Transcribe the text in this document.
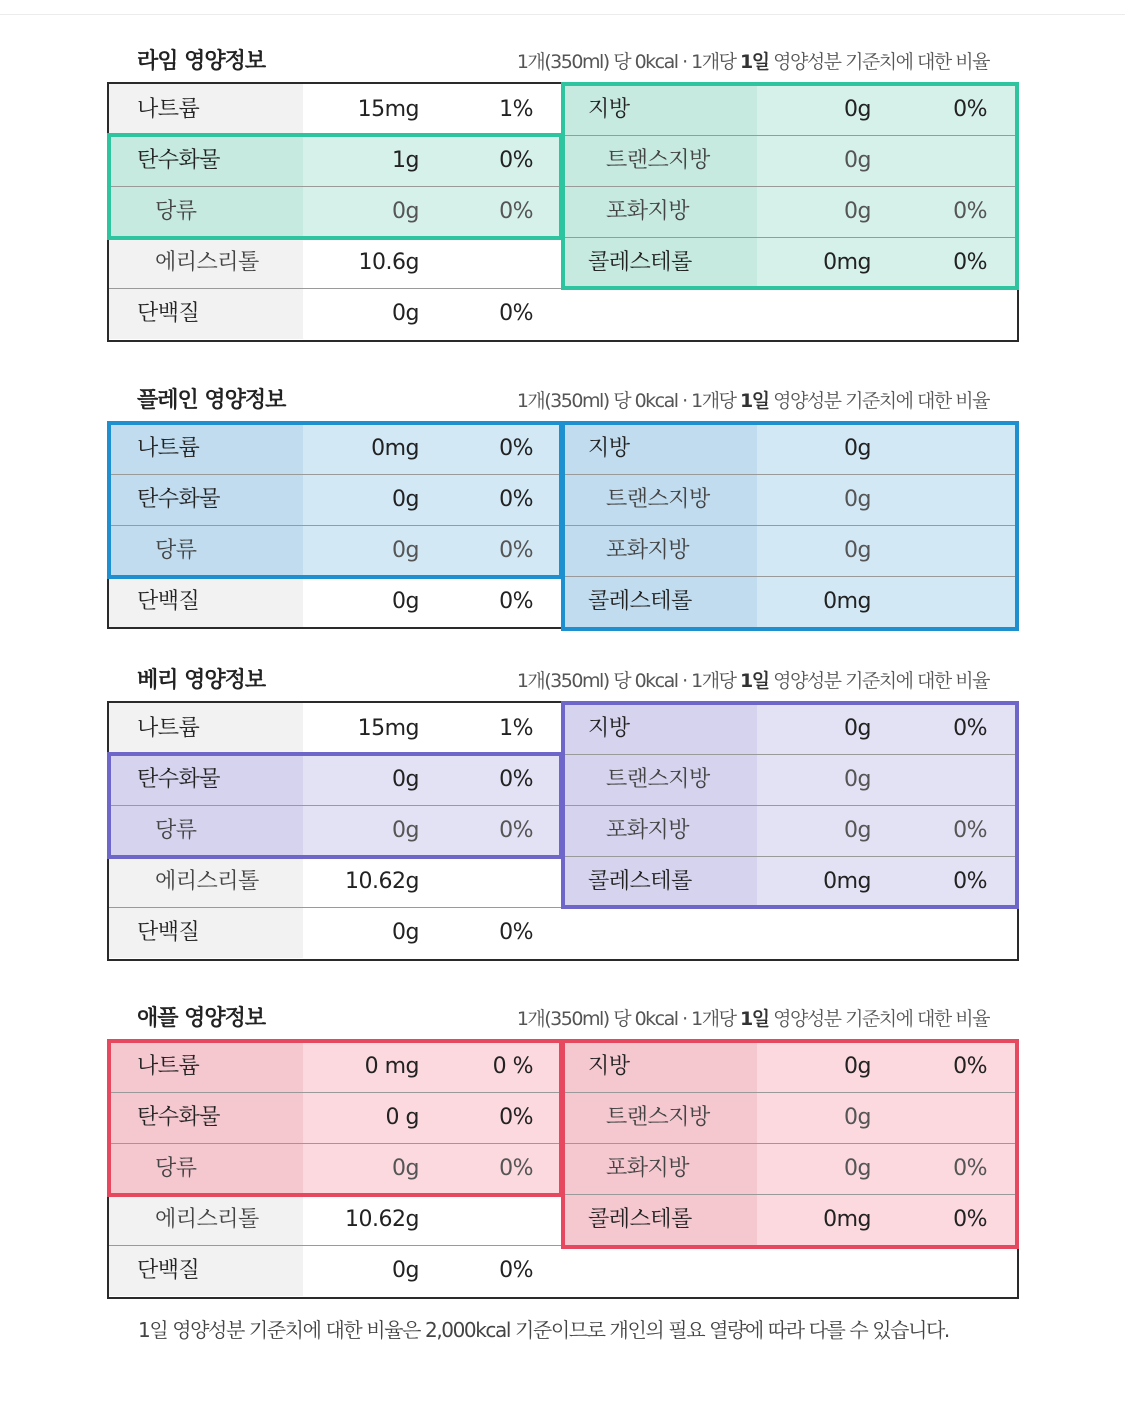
라임 영양정보	1개(350ml) 당 0kcal · 1개당 1일 영양성분 기준치에 대한 비율
나트륨	15mg	1%
탄수화물	1g	0%
당류	0g	0%
에리스리톨	10.6g
단백질	0g	0%
지방	0g	0%
트랜스지방	0g
포화지방	0g	0%
콜레스테롤	0mg	0%
플레인 영양정보	1개(350ml) 당 0kcal · 1개당 1일 영양성분 기준치에 대한 비율
나트륨	0mg	0%
탄수화물	0g	0%
당류	0g	0%
단백질	0g	0%
지방	0g
트랜스지방	0g
포화지방	0g
콜레스테롤	0mg
베리 영양정보	1개(350ml) 당 0kcal · 1개당 1일 영양성분 기준치에 대한 비율
나트륨	15mg	1%
탄수화물	0g	0%
당류	0g	0%
에리스리톨	10.62g
단백질	0g	0%
지방	0g	0%
트랜스지방	0g
포화지방	0g	0%
콜레스테롤	0mg	0%
애플 영양정보	1개(350ml) 당 0kcal · 1개당 1일 영양성분 기준치에 대한 비율
나트륨	0 mg	0 %
탄수화물	0 g	0%
당류	0g	0%
에리스리톨	10.62g
단백질	0g	0%
지방	0g	0%
트랜스지방	0g
포화지방	0g	0%
콜레스테롤	0mg	0%
1일 영양성분 기준치에 대한 비율은 2,000kcal 기준이므로 개인의 필요 열량에 따라 다를 수 있습니다.
